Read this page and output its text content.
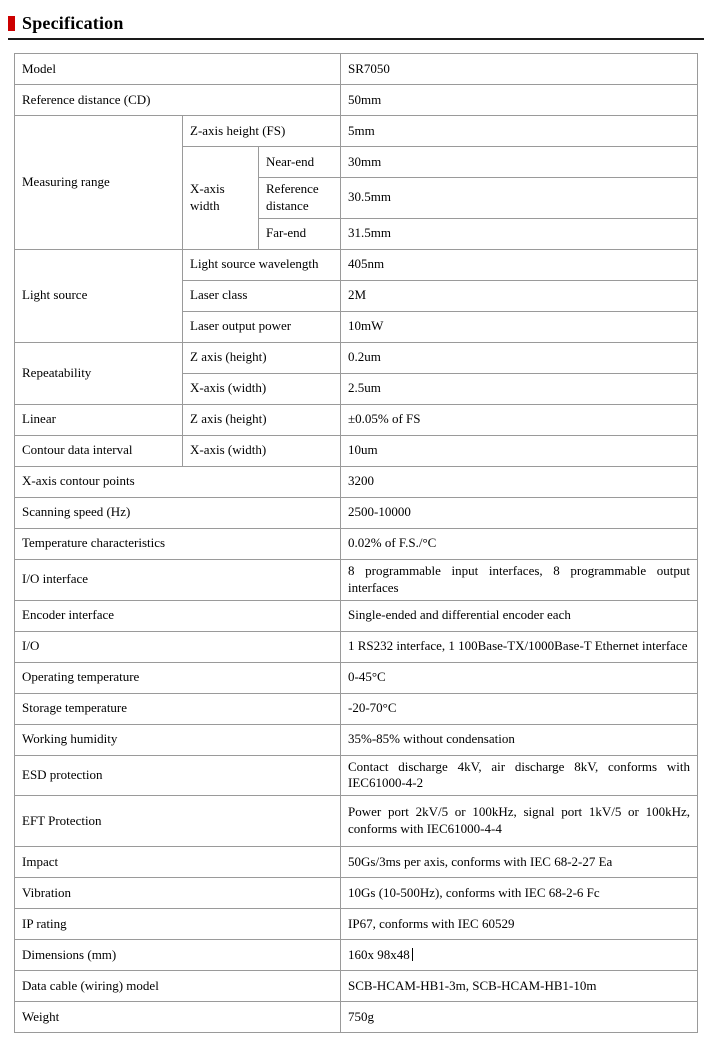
Specification
Model			SR7050
Reference distance (CD)			50mm
Measuring range	Z-axis height (FS)		5mm
	X-axis width	Near-end	30mm
		Reference distance	30.5mm
		Far-end	31.5mm
Light source	Light source wavelength		405nm
	Laser class		2M
	Laser output power		10mW
Repeatability	Z axis (height)		0.2um
	X-axis (width)		2.5um
Linear	Z axis (height)		±0.05% of FS
Contour data interval	X-axis (width)		10um
X-axis contour points			3200
Scanning speed (Hz)			2500-10000
Temperature characteristics			0.02% of F.S./°C
I/O interface			8 programmable input interfaces, 8 programmable output interfaces
Encoder interface			Single-ended and differential encoder each
I/O			1 RS232 interface, 1 100Base-TX/1000Base-T Ethernet interface
Operating temperature			0-45°C
Storage temperature			-20-70°C
Working humidity			35%-85% without condensation
ESD protection			Contact discharge 4kV, air discharge 8kV, conforms with IEC61000-4-2
EFT Protection			Power port 2kV/5 or 100kHz, signal port 1kV/5 or 100kHz, conforms with IEC61000-4-4
Impact			50Gs/3ms per axis, conforms with IEC 68-2-27 Ea
Vibration			10Gs (10-500Hz), conforms with IEC 68-2-6 Fc
IP rating			IP67, conforms with IEC 60529
Dimensions (mm)			160x 98x48
Data cable (wiring) model			SCB-HCAM-HB1-3m, SCB-HCAM-HB1-10m
Weight			750g
